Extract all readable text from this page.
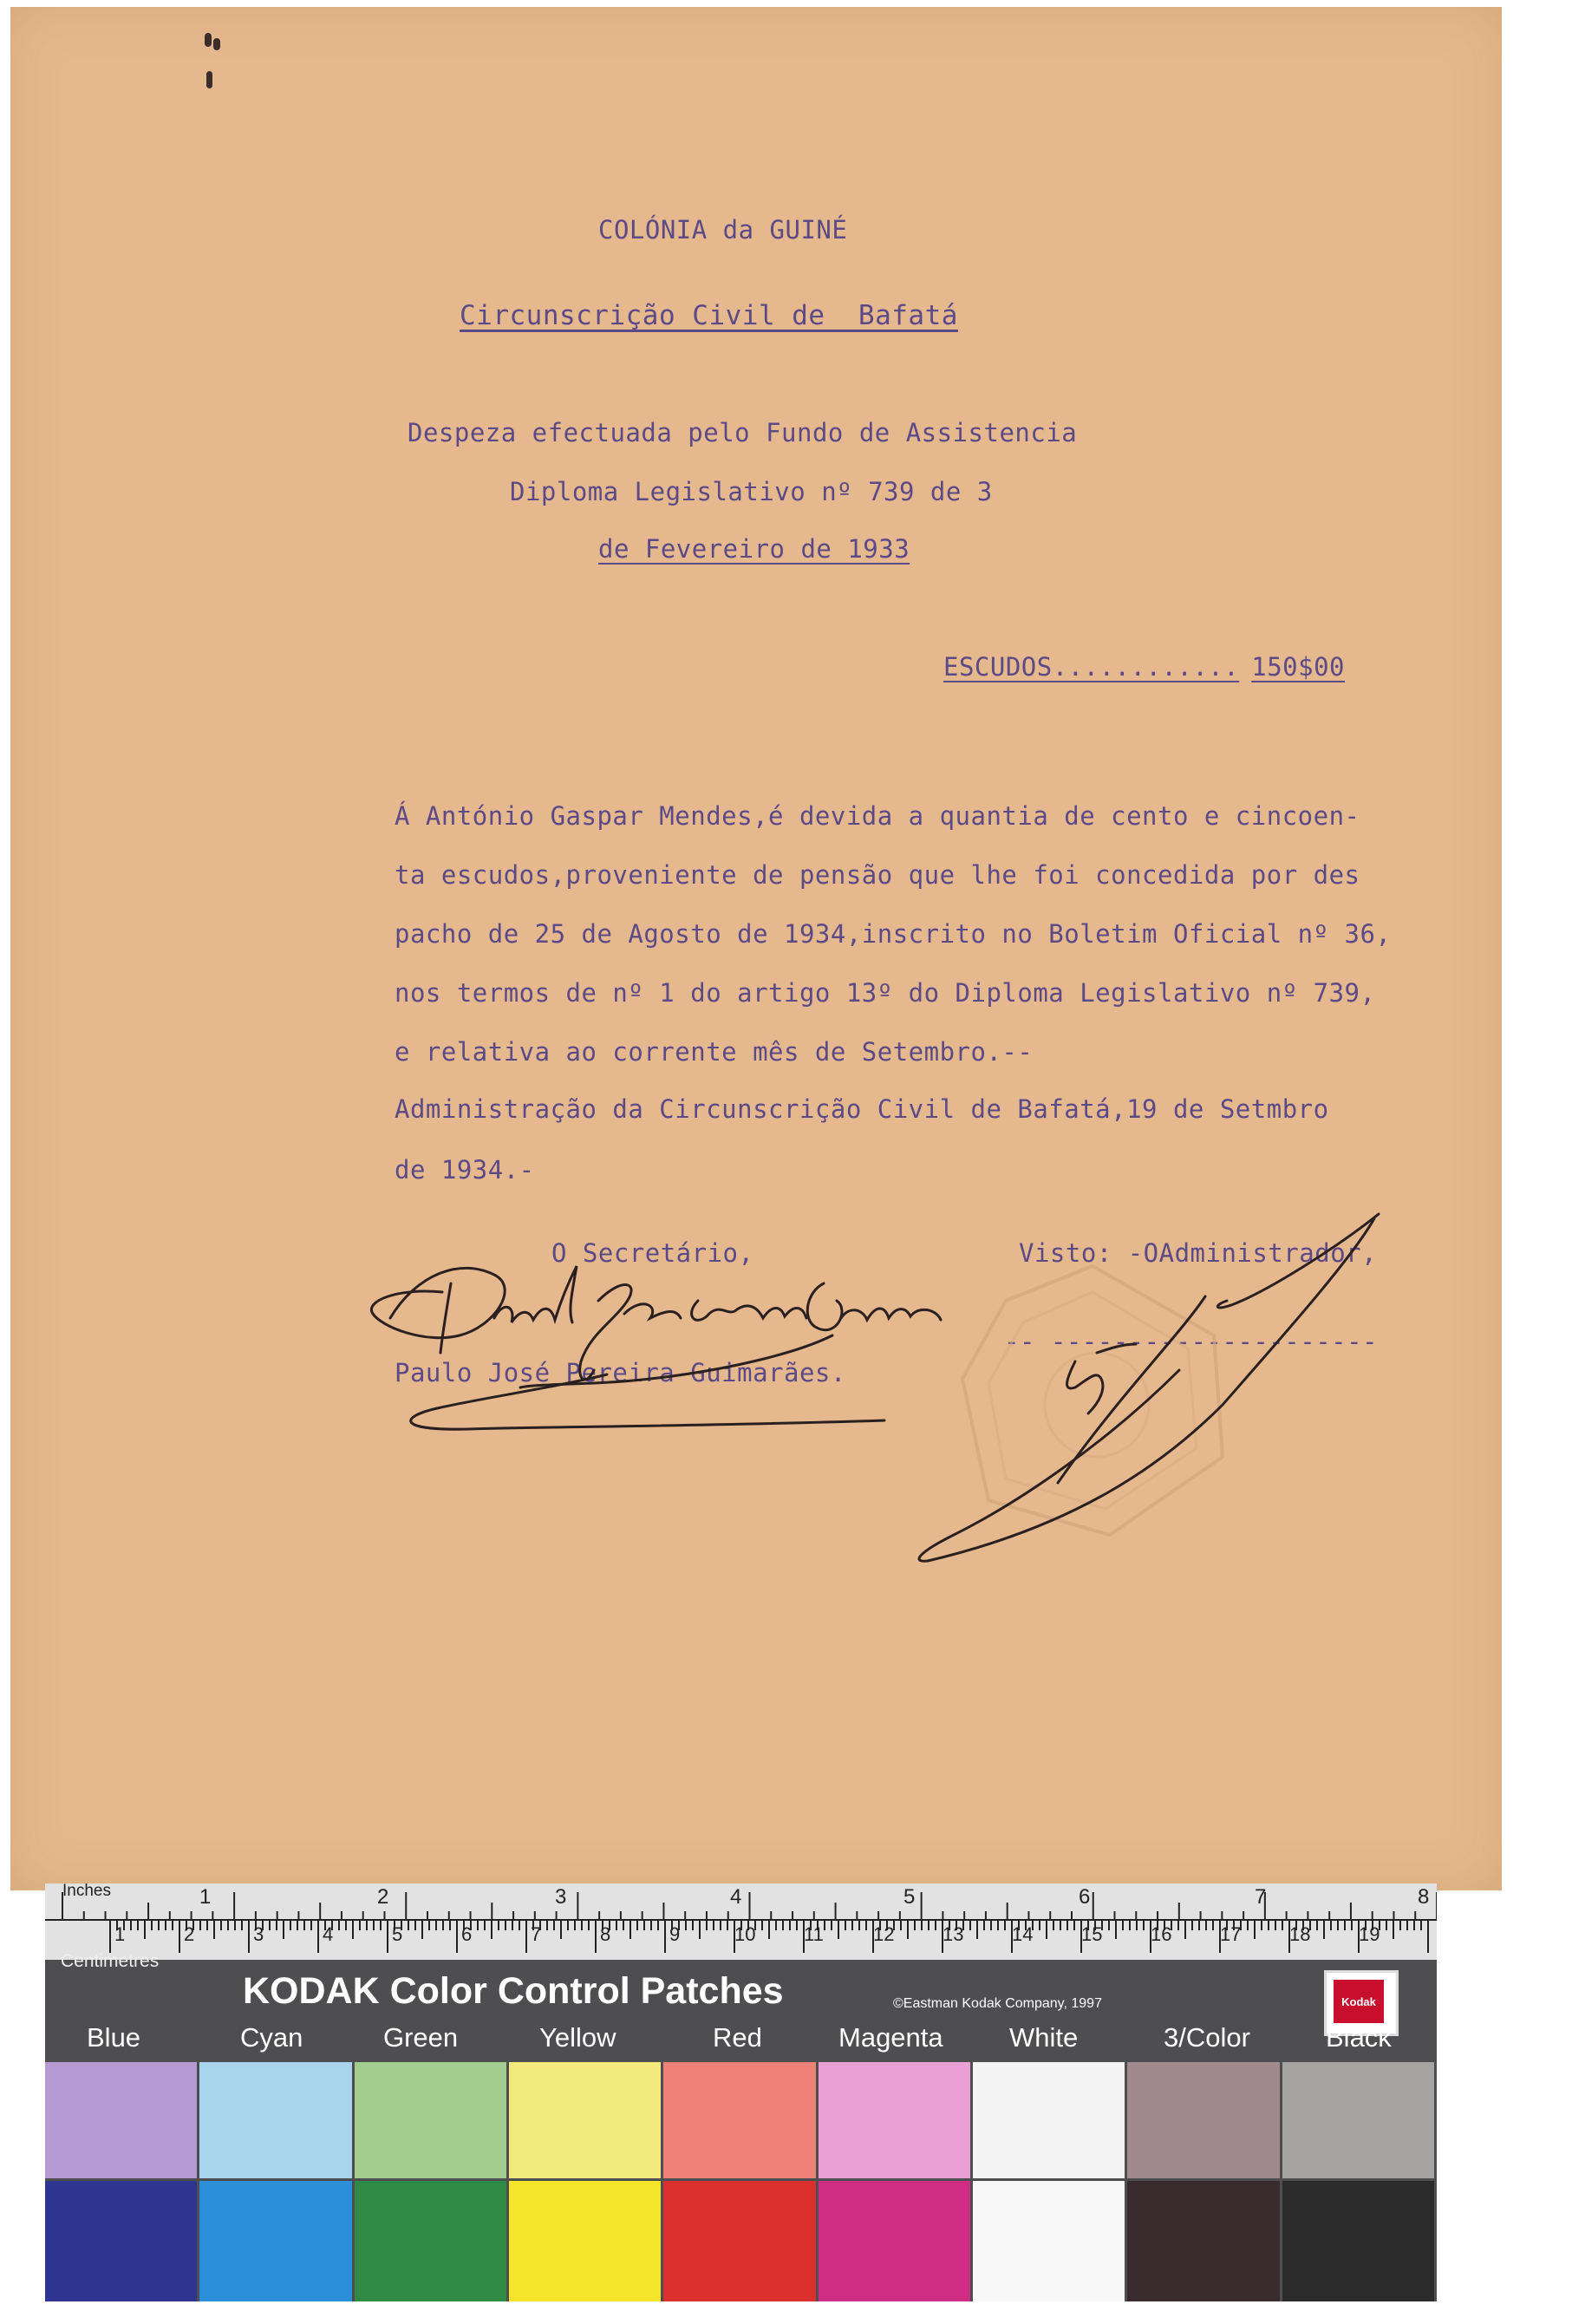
COLÓNIA da GUINÉ
Circunscrição Civil de  Bafatá
Despeza efectuada pelo Fundo de Assistencia
Diploma Legislativo nº 739 de 3
de Fevereiro de 1933
ESCUDOS............ 150$00
Á António Gaspar Mendes,é devida a quantia de cento e cincoen-
ta escudos,proveniente de pensão que lhe foi concedida por des
pacho de 25 de Agosto de 1934,inscrito no Boletim Oficial nº 36,
nos termos de nº 1 do artigo 13º do Diploma Legislativo nº 739,
e relativa ao corrente mês de Setembro.--
Administração da Circunscrição Civil de Bafatá,19 de Setmbro
de 1934.-
O Secretário,
Paulo José Pereira Guimarães.
Visto: -OAdministrador,
-- ---------------------
Inches
Centimetres
1	2	3	4	5	6	7	8
1	2	3	4	5	6	7	8	9	10	11	12	13	14	15	16	17	18	19
KODAK Color Control Patches	©Eastman Kodak Company, 1997	Kodak
Blue	Cyan	Green	Yellow	Red	Magenta White	3/Color	Black
